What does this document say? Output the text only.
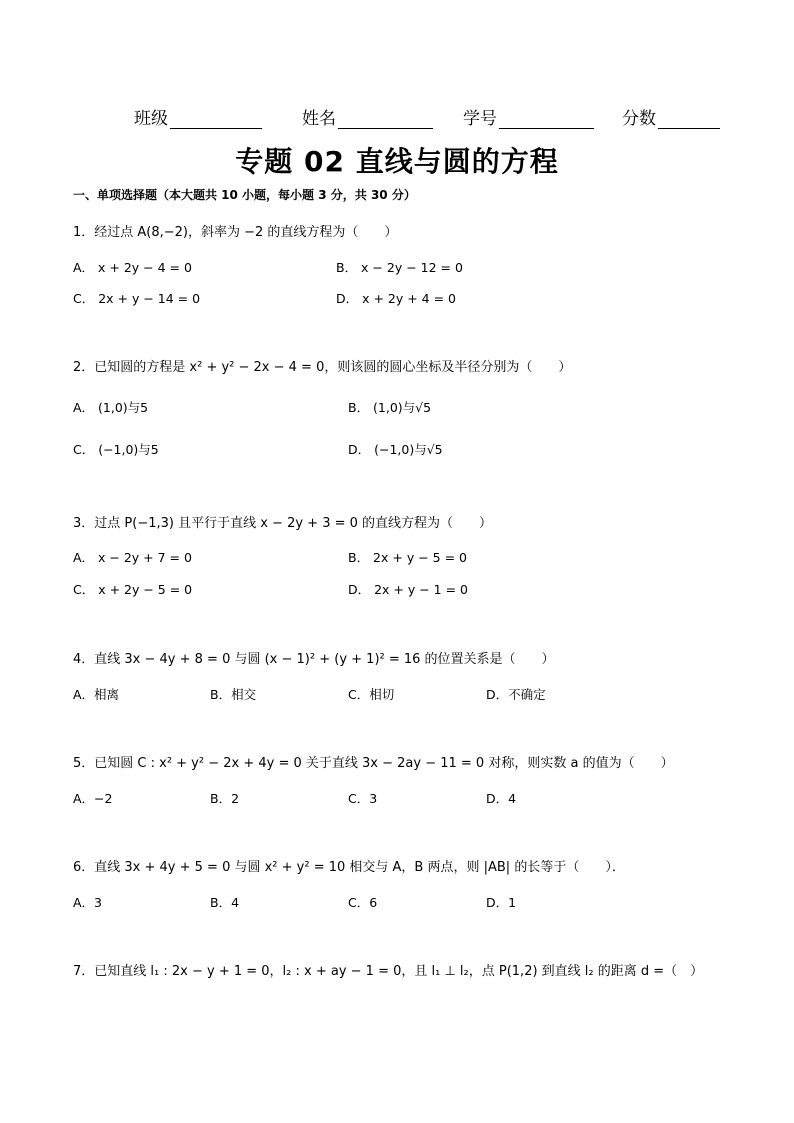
班级	姓名	学号	分数
专题 02 直线与圆的方程
一、单项选择题（本大题共 10 小题，每小题 3 分，共 30 分）
1．经过点 A(8,−2)，斜率为 −2 的直线方程为（　　）
A． x + 2y − 4 = 0	B． x − 2y − 12 = 0
C． 2x + y − 14 = 0	D． x + 2y + 4 = 0
2．已知圆的方程是 x² + y² − 2x − 4 = 0，则该圆的圆心坐标及半径分别为（　　）
A． (1,0)与5	B． (1,0)与√5
C． (−1,0)与5	D． (−1,0)与√5
3．过点 P(−1,3) 且平行于直线 x − 2y + 3 = 0 的直线方程为（　　）
A． x − 2y + 7 = 0	B． 2x + y − 5 = 0
C． x + 2y − 5 = 0	D． 2x + y − 1 = 0
4．直线 3x − 4y + 8 = 0 与圆 (x − 1)² + (y + 1)² = 16 的位置关系是（　　）
A．相离	B．相交	C．相切	D．不确定
5．已知圆 C : x² + y² − 2x + 4y = 0 关于直线 3x − 2ay − 11 = 0 对称，则实数 a 的值为（　　）
A．−2	B．2	C．3	D．4
6．直线 3x + 4y + 5 = 0 与圆 x² + y² = 10 相交与 A，B 两点，则 |AB| 的长等于（　　）．
A．3	B．4	C．6	D．1
7．已知直线 l₁ : 2x − y + 1 = 0，l₂ : x + ay − 1 = 0，且 l₁ ⊥ l₂，点 P(1,2) 到直线 l₂ 的距离 d =（　）
